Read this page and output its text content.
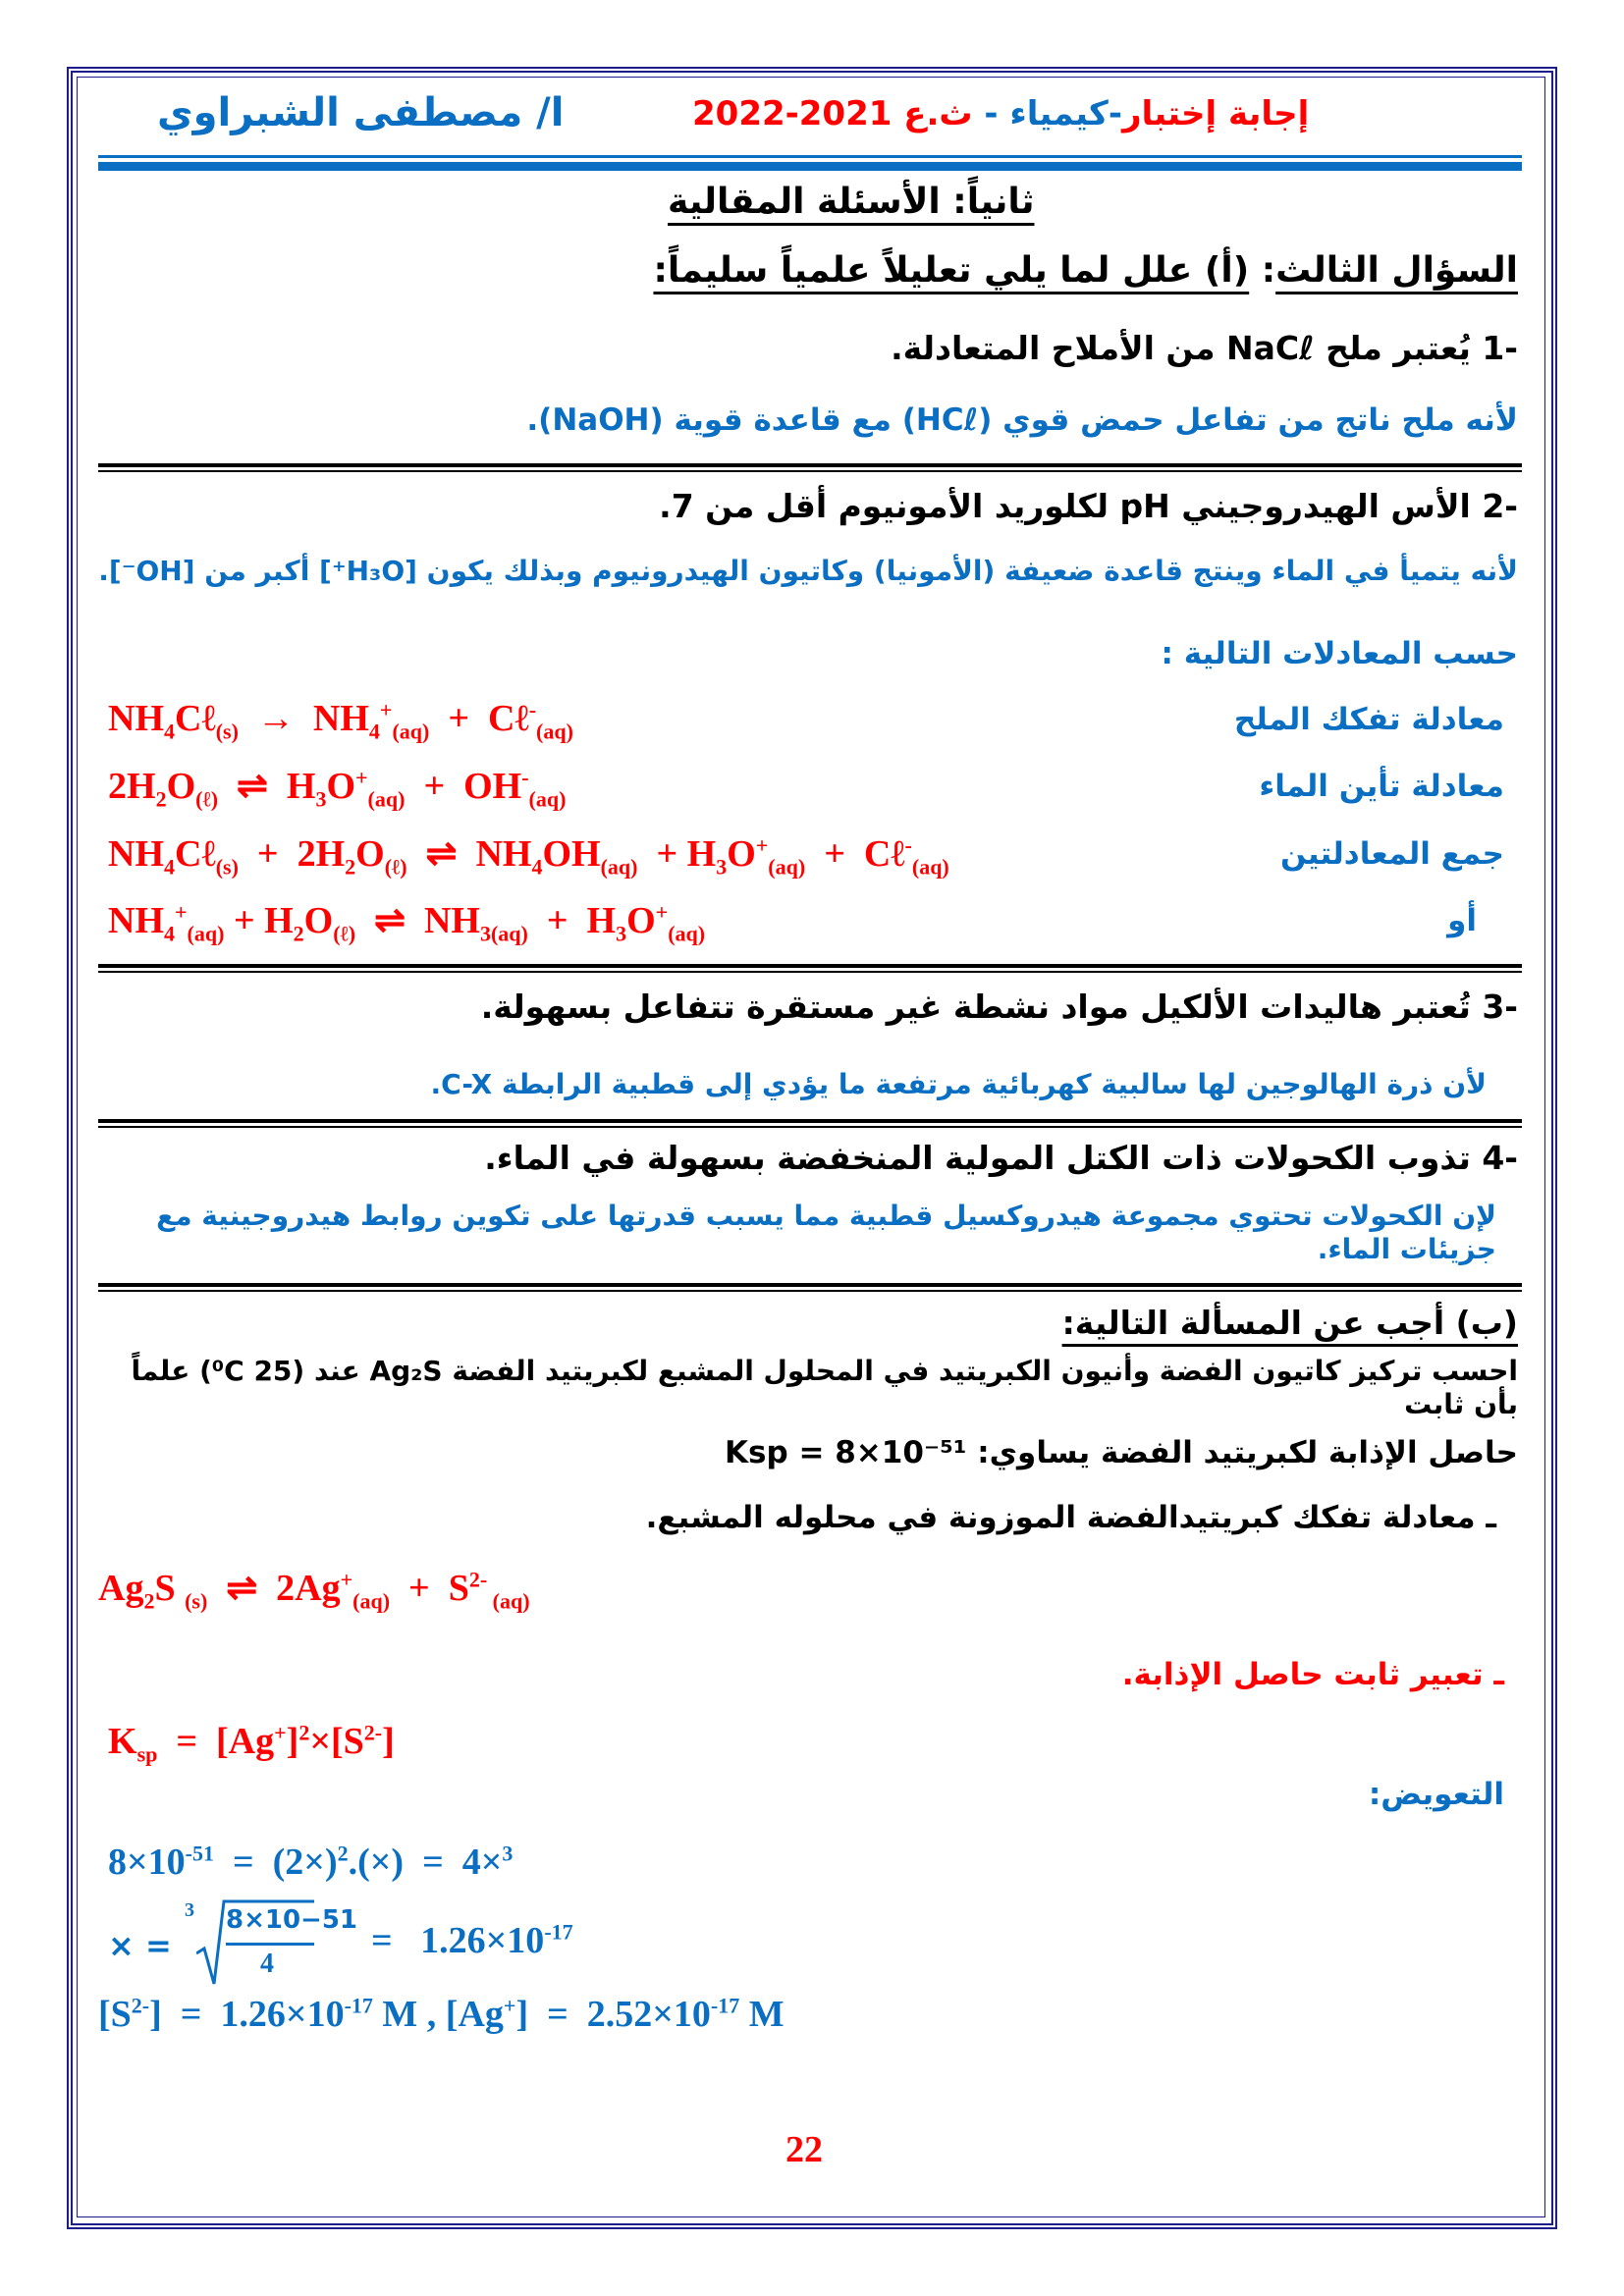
ا/ مصطفى الشبراوي	إجابة إختبار-كيمياء - ث.ع 2021-2022
ثانياً: الأسئلة المقالية
السؤال الثالث: (أ) علل لما يلي تعليلاً علمياً سليماً:
-1 يُعتبر ملح NaCℓ من الأملاح المتعادلة.
لأنه ملح ناتج من تفاعل حمض قوي (HCℓ) مع قاعدة قوية (NaOH).
-2 الأس الهيدروجيني pH لكلوريد الأمونيوم أقل من 7.
لأنه يتميأ في الماء وينتج قاعدة ضعيفة (الأمونيا) وكاتيون الهيدرونيوم وبذلك يكون [H₃O⁺] أكبر من [OH⁻].
حسب المعادلات التالية :
معادلة تفكك الملح
$NH_4C\ell_{(s)} \to NH_4^+_{(aq)}$  +  Cℓ-$_{(aq)}$
معادلة تأين الماء
$2H_2O_{(\ell)}$  ⇌  $H_3O^+_{(aq)} + OH^-_{(aq)}$
جمع المعادلتين
$NH_4C\ell_{(s)} + 2H_2O_{(\ell)}$  ⇌  $NH_4OH_{(aq)} + H_3O^+_{(aq)}$  +  Cℓ-$_{(aq)}$
أو
$NH_4^+_{(aq)} + H_2O_{(\ell)}$  ⇌  $NH_{3(aq)} + H_3O^+_{(aq)}$
-3 تُعتبر هاليدات الألكيل مواد نشطة غير مستقرة تتفاعل بسهولة.
لأن ذرة الهالوجين لها سالبية كهربائية مرتفعة ما يؤدي إلى قطبية الرابطة C-X.
-4 تذوب الكحولات ذات الكتل المولية المنخفضة بسهولة في الماء.
لإن الكحولات تحتوي مجموعة هيدروكسيل قطبية مما يسبب قدرتها على تكوين روابط هيدروجينية مع جزيئات الماء.
(ب) أجب عن المسألة التالية:
احسب تركيز كاتيون الفضة وأنيون الكبريتيد في المحلول المشبع لكبريتيد الفضة Ag₂S عند (25 ⁰C) علماً بأن ثابت
حاصل الإذابة لكبريتيد الفضة يساوي: Ksp = 8×10⁻⁵¹
ـ معادلة تفكك كبريتيدالفضة الموزونة في محلوله المشبع.
$Ag_2S$ $_{(s)}$  ⇌  $2Ag^+_{(aq)} + S^{2-}$ $_{(aq)}$
ـ تعبير ثابت حاصل الإذابة.
$K_{sp} = [Ag^+]^2\times[S^{2-}]$
التعويض:
$8\times 10^{-51} = (2\times)^2.(\times) = 4\times^3$
× =
3 8×10−51
4
=   $1.26\times 10^{-17}$
$[S^{2-}] = 1.26\times 10^{-17}$ M , $[Ag^+] = 2.52\times 10^{-17}$ M
22
